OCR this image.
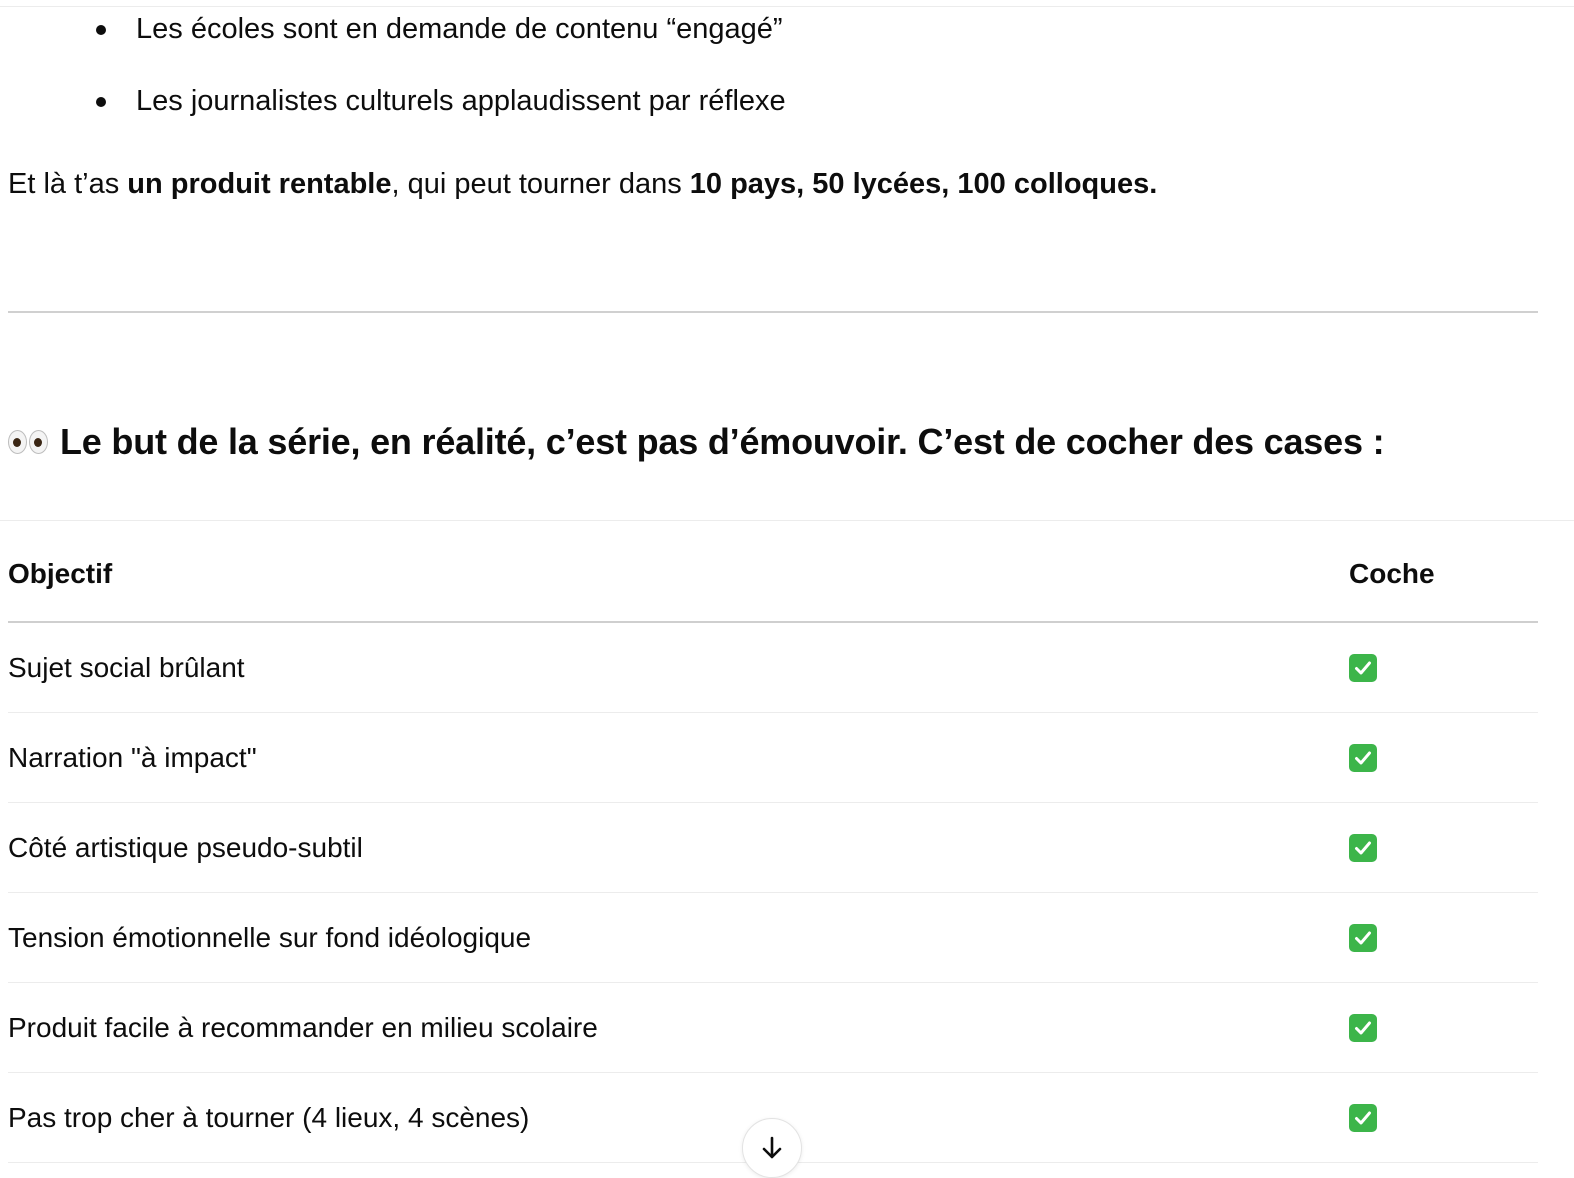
Les écoles sont en demande de contenu “engagé”
Les journalistes culturels applaudissent par réflexe
Et là t’as un produit rentable, qui peut tourner dans 10 pays, 50 lycées, 100 colloques.
Le but de la série, en réalité, c’est pas d’émouvoir. C’est de cocher des cases :
Objectif	Coche
Sujet social brûlant
Narration "à impact"
Côté artistique pseudo-subtil
Tension émotionnelle sur fond idéologique
Produit facile à recommander en milieu scolaire
Pas trop cher à tourner (4 lieux, 4 scènes)
